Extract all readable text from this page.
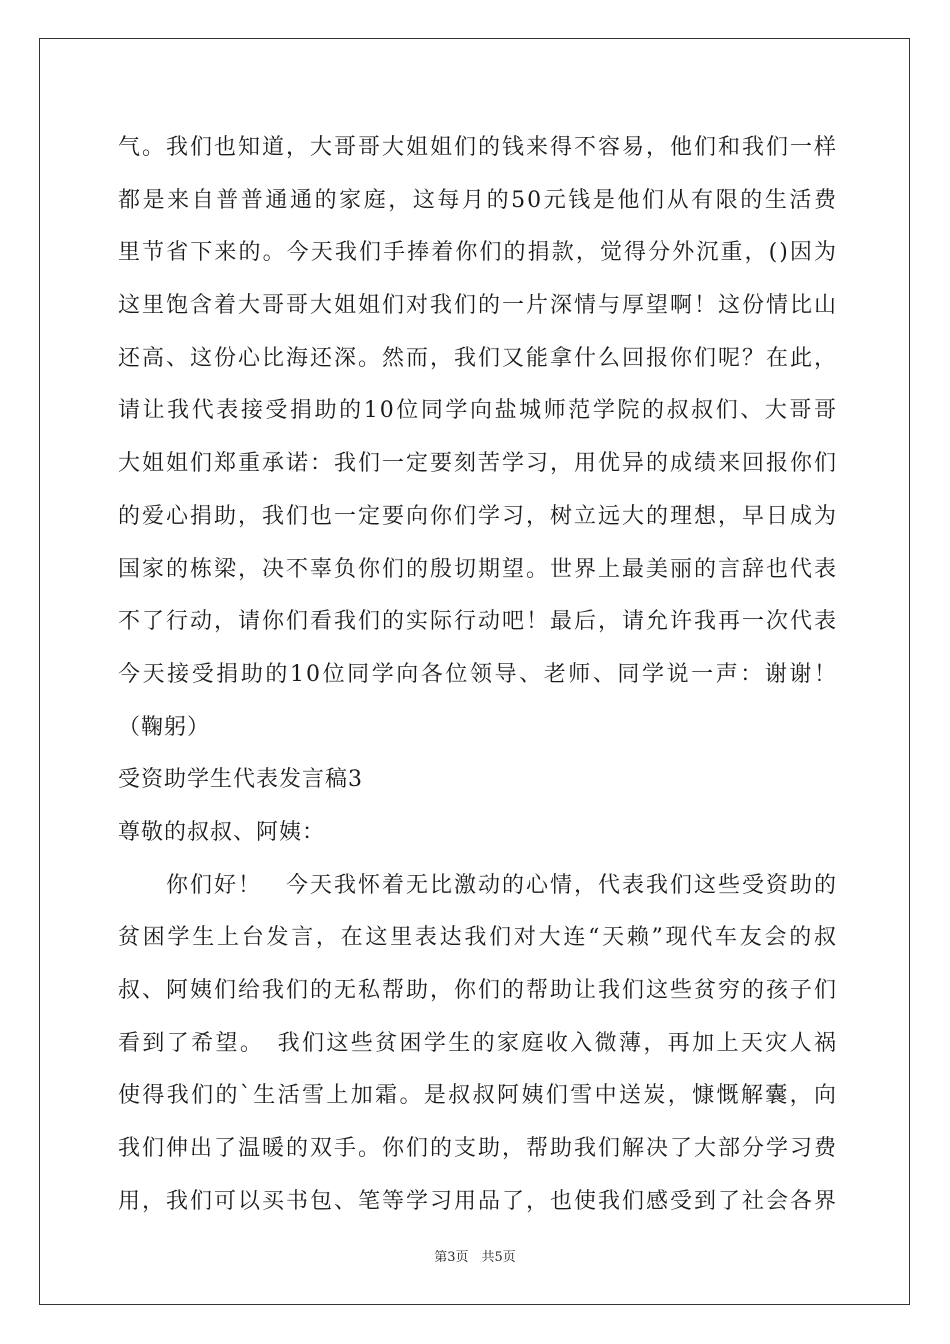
气。我们也知道，大哥哥大姐姐们的钱来得不容易，他们和我们一样
都是来自普普通通的家庭，这每月的50元钱是他们从有限的生活费
里节省下来的。今天我们手捧着你们的捐款，觉得分外沉重，()因为
这里饱含着大哥哥大姐姐们对我们的一片深情与厚望啊！这份情比山
还高、这份心比海还深。然而，我们又能拿什么回报你们呢？在此，
请让我代表接受捐助的10位同学向盐城师范学院的叔叔们、大哥哥
大姐姐们郑重承诺：我们一定要刻苦学习，用优异的成绩来回报你们
的爱心捐助，我们也一定要向你们学习，树立远大的理想，早日成为
国家的栋梁，决不辜负你们的殷切期望。世界上最美丽的言辞也代表
不了行动，请你们看我们的实际行动吧！最后，请允许我再一次代表
今天接受捐助的10位同学向各位领导、老师、同学说一声：谢谢！
（鞠躬）
受资助学生代表发言稿3
尊敬的叔叔、阿姨：
　　你们好！　今天我怀着无比激动的心情，代表我们这些受资助的
贫困学生上台发言，在这里表达我们对大连“天赖”现代车友会的叔
叔、阿姨们给我们的无私帮助，你们的帮助让我们这些贫穷的孩子们
看到了希望。　我们这些贫困学生的家庭收入微薄，再加上天灾人祸
使得我们的`生活雪上加霜。是叔叔阿姨们雪中送炭，慷慨解囊，向
我们伸出了温暖的双手。你们的支助，帮助我们解决了大部分学习费
用，我们可以买书包、笔等学习用品了，也使我们感受到了社会各界
第3页　共5页
